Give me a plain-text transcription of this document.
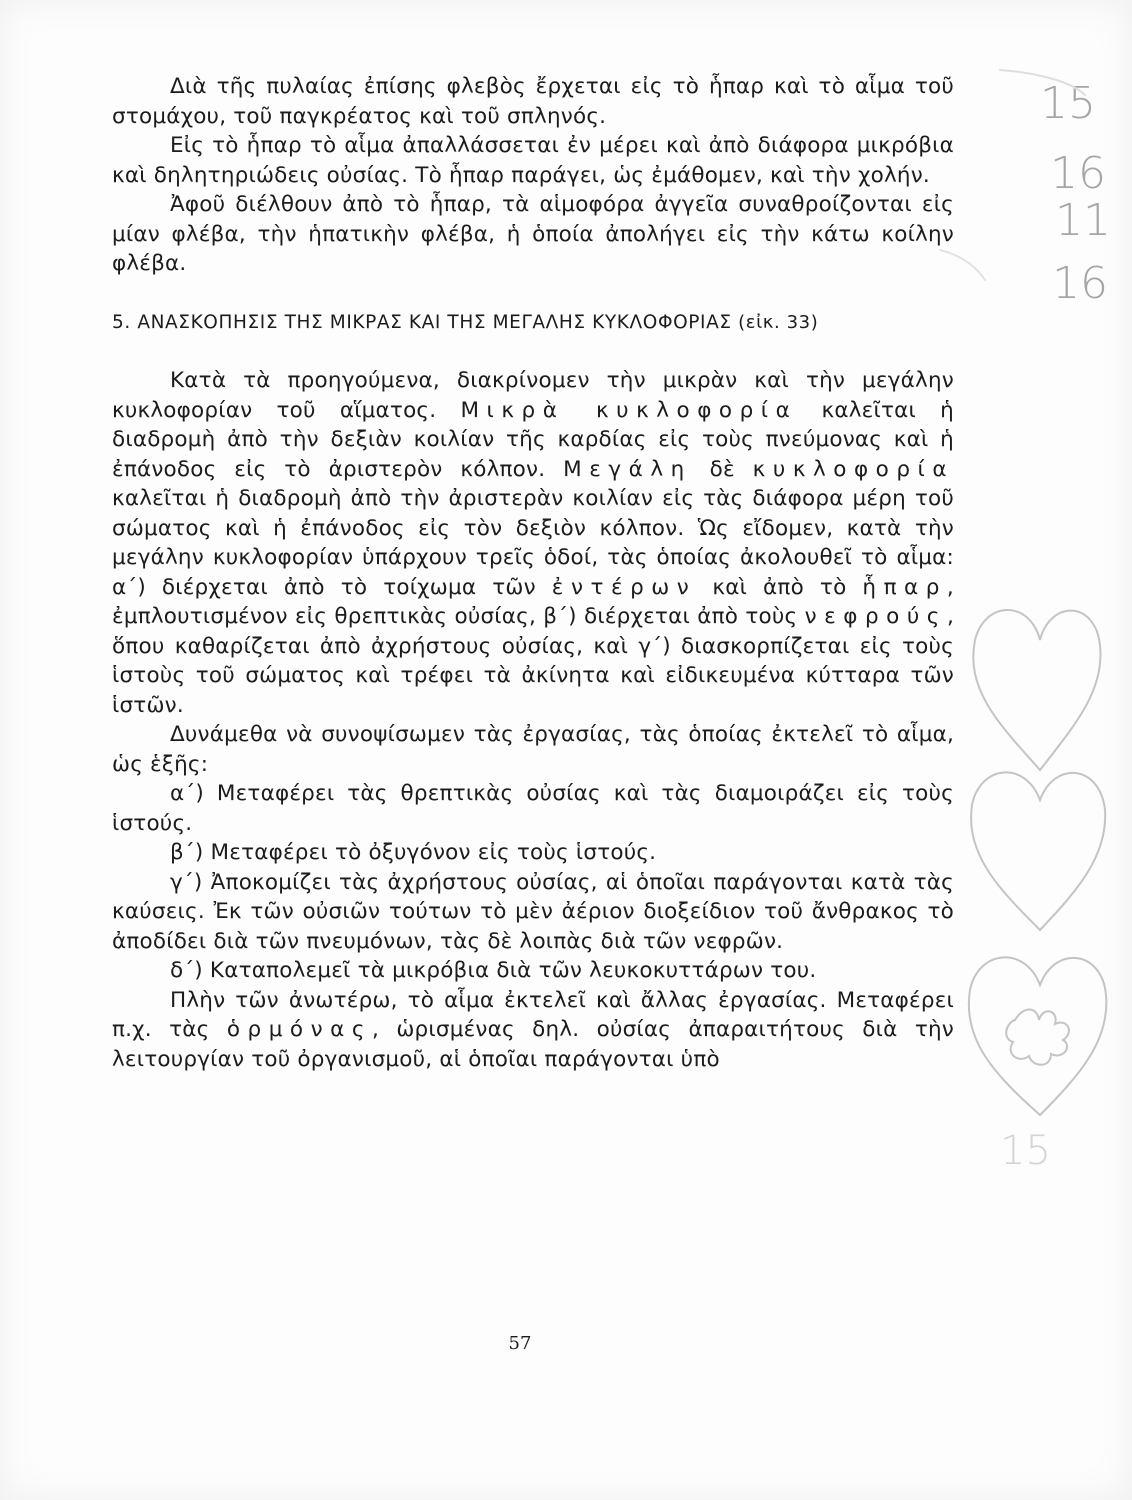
Διὰ τῆς πυλαίας ἐπίσης φλεβὸς ἔρχεται εἰς τὸ ἧπαρ καὶ τὸ αἷμα τοῦ στομάχου, τοῦ παγκρέατος καὶ τοῦ σπληνός.

Εἰς τὸ ἧπαρ τὸ αἷμα ἀπαλλάσσεται ἐν μέρει καὶ ἀπὸ διάφορα μικρόβια καὶ δηλητηριώδεις οὐσίας. Τὸ ἧπαρ παράγει, ὡς ἐμάθομεν, καὶ τὴν χολήν.

Ἀφοῦ διέλθουν ἀπὸ τὸ ἧπαρ, τὰ αἱμοφόρα ἀγγεῖα συναθροίζονται εἰς μίαν φλέβα, τὴν ἡπατικὴν φλέβα, ἡ ὁποία ἀπολήγει εἰς τὴν κάτω κοίλην φλέβα.

5. ΑΝΑΣΚΟΠΗΣΙΣ ΤΗΣ ΜΙΚΡΑΣ ΚΑΙ ΤΗΣ ΜΕΓΑΛΗΣ ΚΥΚΛΟΦΟΡΙΑΣ (εἰκ. 33)

Κατὰ τὰ προηγούμενα, διακρίνομεν τὴν μικρὰν καὶ τὴν μεγάλην κυκλοφορίαν τοῦ αἵματος. Μικρὰ κυκλοφορία καλεῖται ἡ διαδρομὴ ἀπὸ τὴν δεξιὰν κοιλίαν τῆς καρδίας εἰς τοὺς πνεύμονας καὶ ἡ ἐπάνοδος εἰς τὸ ἀριστερὸν κόλπον. Μεγάλη δὲ κυκλοφορία καλεῖται ἡ διαδρομὴ ἀπὸ τὴν ἀριστερὰν κοιλίαν εἰς τὰς διάφορα μέρη τοῦ σώματος καὶ ἡ ἐπάνοδος εἰς τὸν δεξιὸν κόλπον. Ὡς εἴδομεν, κατὰ τὴν μεγάλην κυκλοφορίαν ὑπάρχουν τρεῖς ὁδοί, τὰς ὁποίας ἀκολουθεῖ τὸ αἷμα: α΄) διέρχεται ἀπὸ τὸ τοίχωμα τῶν ἐντέρων καὶ ἀπὸ τὸ ἧπαρ, ἐμπλουτισμένον εἰς θρεπτικὰς οὐσίας, β΄) διέρχεται ἀπὸ τοὺς νεφρούς, ὅπου καθαρίζεται ἀπὸ ἀχρήστους οὐσίας, καὶ γ΄) διασκορπίζεται εἰς τοὺς ἱστοὺς τοῦ σώματος καὶ τρέφει τὰ ἀκίνητα καὶ εἰδικευμένα κύτταρα τῶν ἱστῶν.

Δυνάμεθα νὰ συνοψίσωμεν τὰς ἐργασίας, τὰς ὁποίας ἐκτελεῖ τὸ αἷμα, ὡς ἑξῆς:

α΄) Μεταφέρει τὰς θρεπτικὰς οὐσίας καὶ τὰς διαμοιράζει εἰς τοὺς ἱστούς.

β΄) Μεταφέρει τὸ ὀξυγόνον εἰς τοὺς ἱστούς.

γ΄) Ἀποκομίζει τὰς ἀχρήστους οὐσίας, αἱ ὁποῖαι παράγονται κατὰ τὰς καύσεις. Ἐκ τῶν οὐσιῶν τούτων τὸ μὲν ἀέριον διοξείδιον τοῦ ἄνθρακος τὸ ἀποδίδει διὰ τῶν πνευμόνων, τὰς δὲ λοιπὰς διὰ τῶν νεφρῶν.

δ΄) Καταπολεμεῖ τὰ μικρόβια διὰ τῶν λευκοκυττάρων του.

Πλὴν τῶν ἀνωτέρω, τὸ αἷμα ἐκτελεῖ καὶ ἄλλας ἐργασίας. Μεταφέρει π.χ. τὰς ὁρμόνας, ὡρισμένας δηλ. οὐσίας ἀπαραιτήτους διὰ τὴν λειτουργίαν τοῦ ὀργανισμοῦ, αἱ ὁποῖαι παράγονται ὑπὸ

57
15
16
11
16
15
